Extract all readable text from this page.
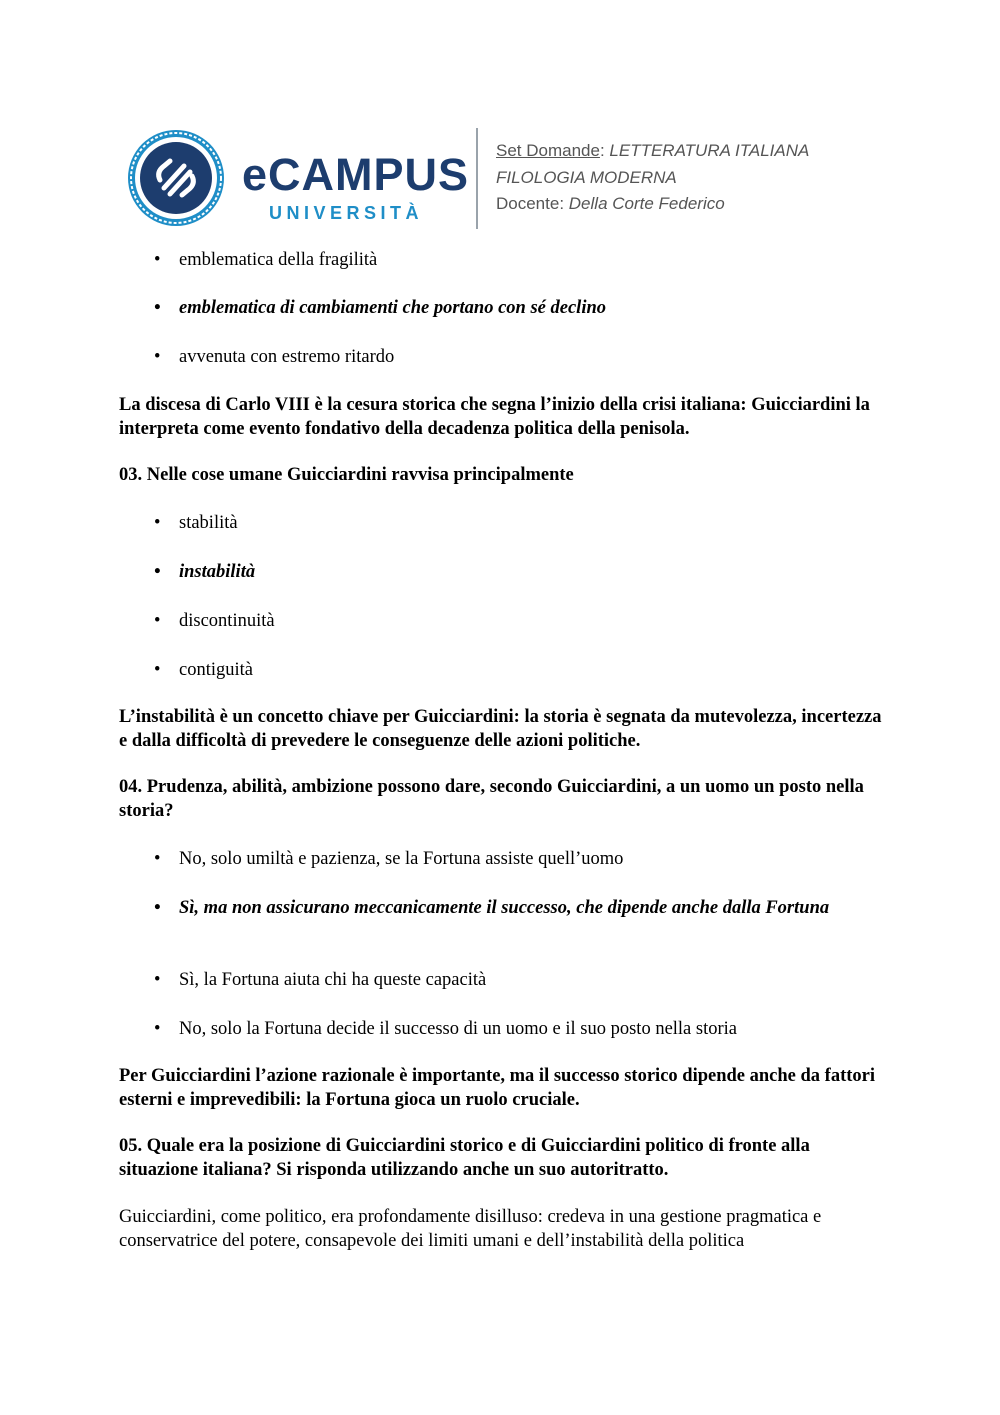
eCAMPUS
UNIVERSITÀ
Set Domande: LETTERATURA ITALIANA
FILOLOGIA MODERNA
Docente: Della Corte Federico
• emblematica della fragilità
• emblematica di cambiamenti che portano con sé declino
• avvenuta con estremo ritardo
La discesa di Carlo VIII è la cesura storica che segna l’inizio della crisi italiana: Guicciardini la interpreta come evento fondativo della decadenza politica della penisola.
03. Nelle cose umane Guicciardini ravvisa principalmente
• stabilità
• instabilità
• discontinuità
• contiguità
L’instabilità è un concetto chiave per Guicciardini: la storia è segnata da mutevolezza, incertezza e dalla difficoltà di prevedere le conseguenze delle azioni politiche.
04. Prudenza, abilità, ambizione possono dare, secondo Guicciardini, a un uomo un posto nella storia?
• No, solo umiltà e pazienza, se la Fortuna assiste quell’uomo
• Sì, ma non assicurano meccanicamente il successo, che dipende anche dalla Fortuna
• Sì, la Fortuna aiuta chi ha queste capacità
• No, solo la Fortuna decide il successo di un uomo e il suo posto nella storia
Per Guicciardini l’azione razionale è importante, ma il successo storico dipende anche da fattori esterni e imprevedibili: la Fortuna gioca un ruolo cruciale.
05. Quale era la posizione di Guicciardini storico e di Guicciardini politico di fronte alla situazione italiana? Si risponda utilizzando anche un suo autoritratto.
Guicciardini, come politico, era profondamente disilluso: credeva in una gestione pragmatica e conservatrice del potere, consapevole dei limiti umani e dell’instabilità della politica
